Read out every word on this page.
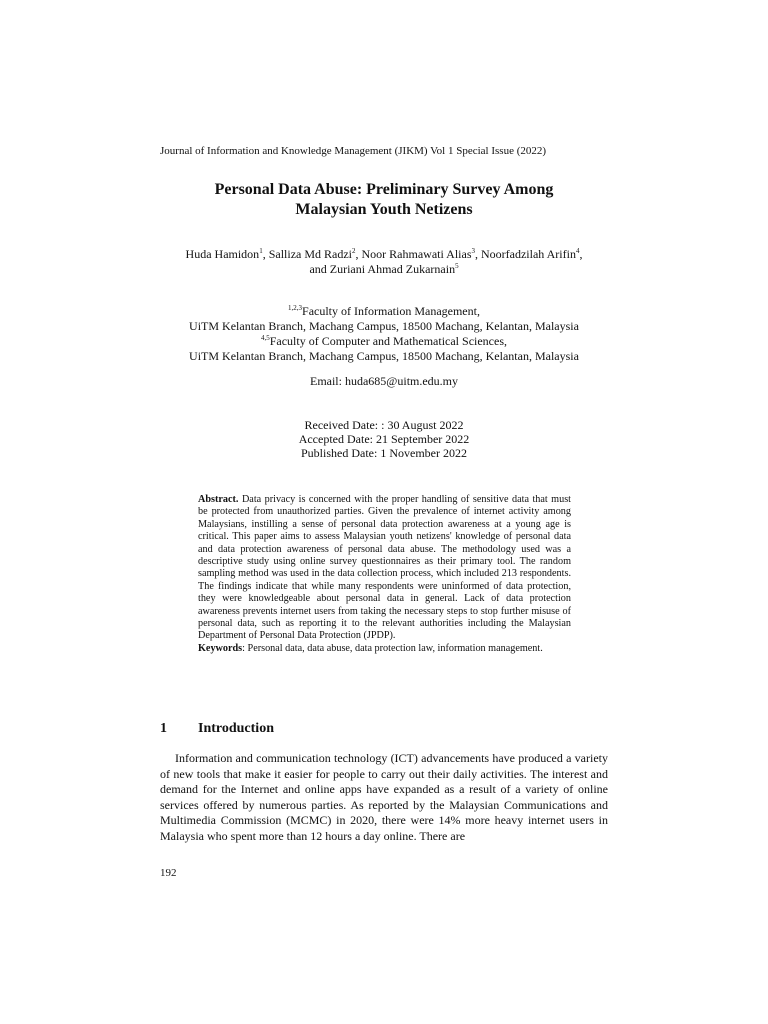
Journal of Information and Knowledge Management (JIKM) Vol 1 Special Issue (2022)
Personal Data Abuse: Preliminary Survey Among
Malaysian Youth Netizens
Huda Hamidon$^1$, Salliza Md Radzi$^2$, Noor Rahmawati Alias$^3$, Noorfadzilah Arifin$^4$,
and Zuriani Ahmad Zukarnain$^5$
$^{1,2,3}$Faculty of Information Management,
UiTM Kelantan Branch, Machang Campus, 18500 Machang, Kelantan, Malaysia
$^{4,5}$Faculty of Computer and Mathematical Sciences,
UiTM Kelantan Branch, Machang Campus, 18500 Machang, Kelantan, Malaysia
Email: huda685@uitm.edu.my
Received Date: : 30 August 2022
Accepted Date: 21 September 2022
Published Date: 1 November 2022
Abstract. Data privacy is concerned with the proper handling of sensitive data that must be protected from unauthorized parties. Given the prevalence of internet activity among Malaysians, instilling a sense of personal data protection awareness at a young age is critical. This paper aims to assess Malaysian youth netizens' knowledge of personal data and data protection awareness of personal data abuse. The methodology used was a descriptive study using online survey questionnaires as their primary tool. The random sampling method was used in the data collection process, which included 213 respondents. The findings indicate that while many respondents were uninformed of data protection, they were knowledgeable about personal data in general. Lack of data protection awareness prevents internet users from taking the necessary steps to stop further misuse of personal data, such as reporting it to the relevant authorities including the Malaysian Department of Personal Data Protection (JPDP).
Keywords: Personal data, data abuse, data protection law, information management.
1 Introduction
Information and communication technology (ICT) advancements have produced a variety of new tools that make it easier for people to carry out their daily activities. The interest and demand for the Internet and online apps have expanded as a result of a variety of online services offered by numerous parties. As reported by the Malaysian Communications and Multimedia Commission (MCMC) in 2020, there were 14% more heavy internet users in Malaysia who spent more than 12 hours a day online. There are
192
